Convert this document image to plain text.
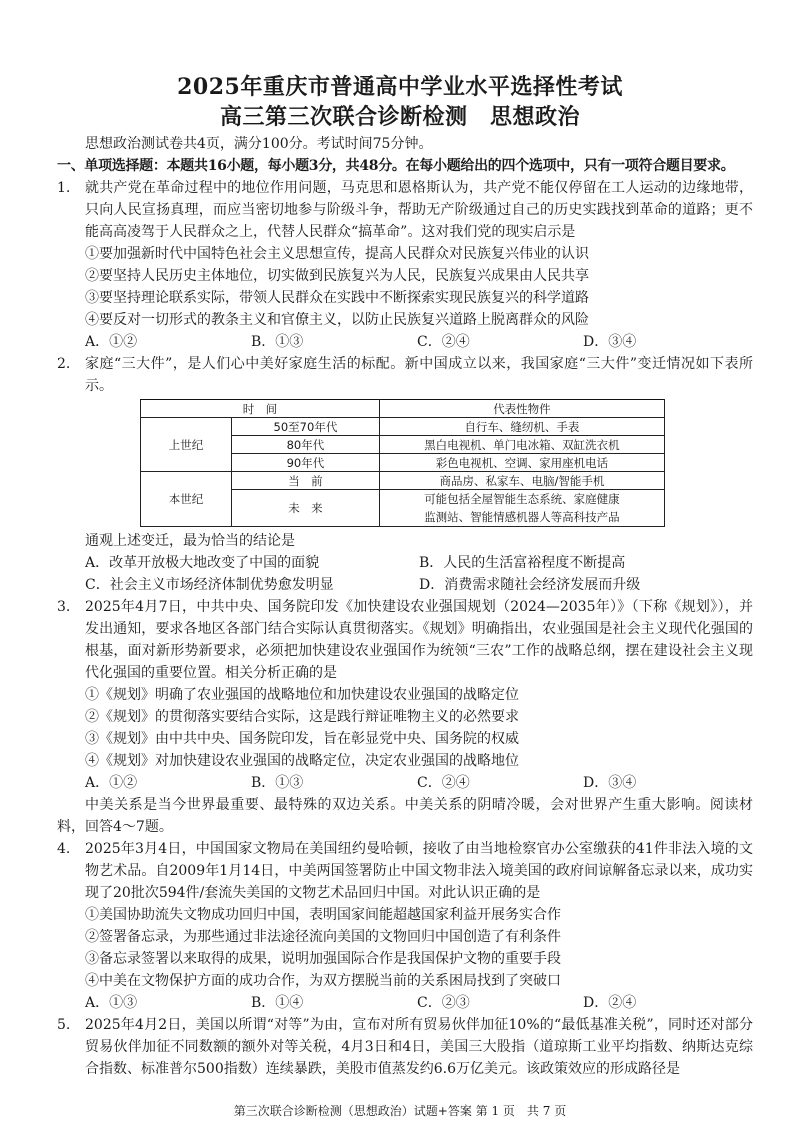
2025年重庆市普通高中学业水平选择性考试
高三第三次联合诊断检测　思想政治
思想政治测试卷共4页，满分100分。考试时间75分钟。
一、单项选择题：本题共16小题，每小题3分，共48分。在每小题给出的四个选项中，只有一项符合题目要求。
1. 就共产党在革命过程中的地位作用问题，马克思和恩格斯认为，共产党不能仅停留在工人运动的边缘地带，只向人民宣扬真理，而应当密切地参与阶级斗争，帮助无产阶级通过自己的历史实践找到革命的道路；更不能高高凌驾于人民群众之上，代替人民群众“搞革命”。这对我们党的现实启示是
①要加强新时代中国特色社会主义思想宣传，提高人民群众对民族复兴伟业的认识
②要坚持人民历史主体地位，切实做到民族复兴为人民，民族复兴成果由人民共享
③要坚持理论联系实际，带领人民群众在实践中不断探索实现民族复兴的科学道路
④要反对一切形式的教条主义和官僚主义，以防止民族复兴道路上脱离群众的风险
A．①②	B．①③	C．②④	D．③④
2. 家庭“三大件”，是人们心中美好家庭生活的标配。新中国成立以来，我国家庭“三大件”变迁情况如下表所示。
时　间		代表性物件
上世纪	50至70年代	自行车、缝纫机、手表
	80年代	黑白电视机、单门电冰箱、双缸洗衣机
	90年代	彩色电视机、空调、家用座机电话
本世纪	当　前	商品房、私家车、电脑/智能手机
	未　来	可能包括全屋智能生态系统、家庭健康
监测站、智能情感机器人等高科技产品
通观上述变迁，最为恰当的结论是
A．改革开放极大地改变了中国的面貌	B．人民的生活富裕程度不断提高
C．社会主义市场经济体制优势愈发明显	D．消费需求随社会经济发展而升级
3. 2025年4月7日，中共中央、国务院印发《加快建设农业强国规划（2024—2035年）》（下称《规划》），并发出通知，要求各地区各部门结合实际认真贯彻落实。《规划》明确指出，农业强国是社会主义现代化强国的根基，面对新形势新要求，必须把加快建设农业强国作为统领“三农”工作的战略总纲，摆在建设社会主义现代化强国的重要位置。相关分析正确的是
①《规划》明确了农业强国的战略地位和加快建设农业强国的战略定位
②《规划》的贯彻落实要结合实际，这是践行辩证唯物主义的必然要求
③《规划》由中共中央、国务院印发，旨在彰显党中央、国务院的权威
④《规划》对加快建设农业强国的战略定位，决定农业强国的战略地位
A．①②	B．①③	C．②④	D．③④
中美关系是当今世界最重要、最特殊的双边关系。中美关系的阴晴冷暖，会对世界产生重大影响。阅读材料，回答4～7题。
4. 2025年3月4日，中国国家文物局在美国纽约曼哈顿，接收了由当地检察官办公室缴获的41件非法入境的文物艺术品。自2009年1月14日，中美两国签署防止中国文物非法入境美国的政府间谅解备忘录以来，成功实现了20批次594件/套流失美国的文物艺术品回归中国。对此认识正确的是
①美国协助流失文物成功回归中国，表明国家间能超越国家利益开展务实合作
②签署备忘录，为那些通过非法途径流向美国的文物回归中国创造了有利条件
③备忘录签署以来取得的成果，说明加强国际合作是我国保护文物的重要手段
④中美在文物保护方面的成功合作，为双方摆脱当前的关系困局找到了突破口
A．①③	B．①④	C．②③	D．②④
5. 2025年4月2日，美国以所谓“对等”为由，宣布对所有贸易伙伴加征10%的“最低基准关税”，同时还对部分贸易伙伴加征不同数额的额外对等关税，4月3日和4日，美国三大股指（道琼斯工业平均指数、纳斯达克综合指数、标准普尔500指数）连续暴跌，美股市值蒸发约6.6万亿美元。该政策效应的形成路径是
第三次联合诊断检测（思想政治）试题+答案 第 1 页　共 7 页
